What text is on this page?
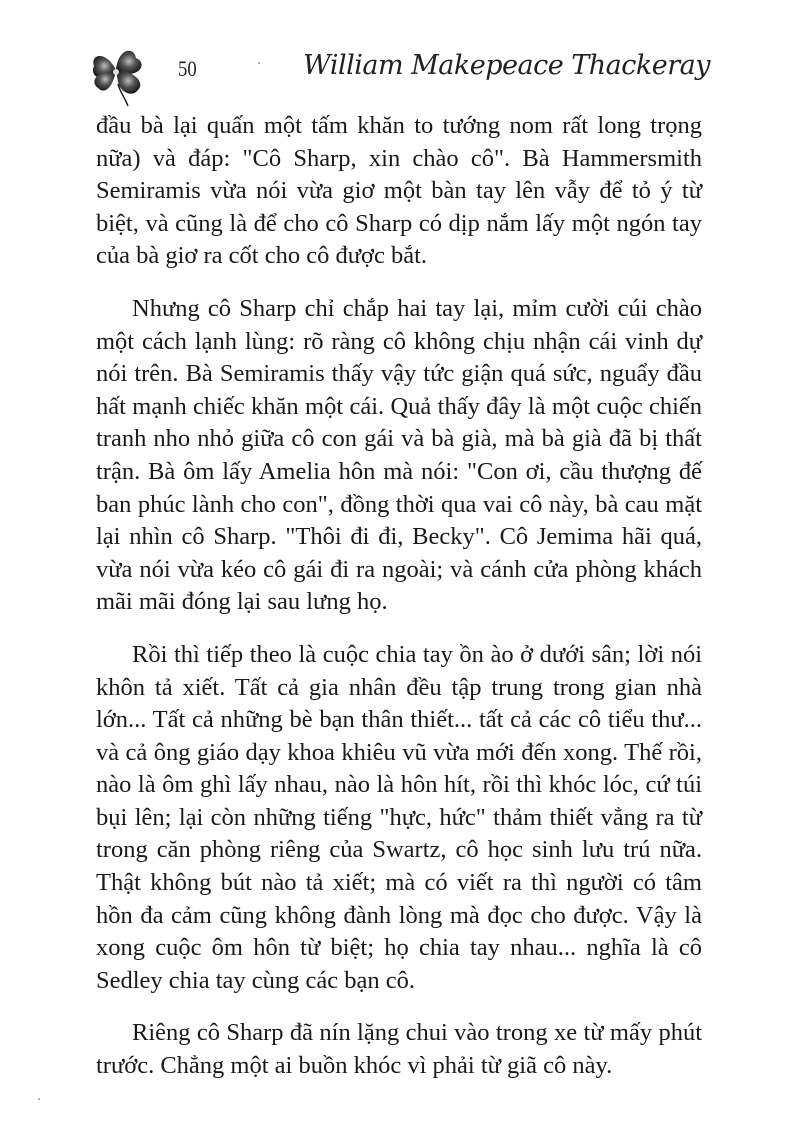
50	William Makepeace Thackeray

đầu bà lại quấn một tấm khăn to tướng nom rất long trọng nữa) và đáp: "Cô Sharp, xin chào cô". Bà Hammersmith Semiramis vừa nói vừa giơ một bàn tay lên vẫy để tỏ ý từ biệt, và cũng là để cho cô Sharp có dịp nắm lấy một ngón tay của bà giơ ra cốt cho cô được bắt.

Nhưng cô Sharp chỉ chắp hai tay lại, mỉm cười cúi chào một cách lạnh lùng: rõ ràng cô không chịu nhận cái vinh dự nói trên. Bà Semiramis thấy vậy tức giận quá sức, nguẩy đầu hất mạnh chiếc khăn một cái. Quả thấy đây là một cuộc chiến tranh nho nhỏ giữa cô con gái và bà già, mà bà già đã bị thất trận. Bà ôm lấy Amelia hôn mà nói: "Con ơi, cầu thượng đế ban phúc lành cho con", đồng thời qua vai cô này, bà cau mặt lại nhìn cô Sharp. "Thôi đi đi, Becky". Cô Jemima hãi quá, vừa nói vừa kéo cô gái đi ra ngoài; và cánh cửa phòng khách mãi mãi đóng lại sau lưng họ.

Rồi thì tiếp theo là cuộc chia tay ồn ào ở dưới sân; lời nói khôn tả xiết. Tất cả gia nhân đều tập trung trong gian nhà lớn... Tất cả những bè bạn thân thiết... tất cả các cô tiểu thư... và cả ông giáo dạy khoa khiêu vũ vừa mới đến xong. Thế rồi, nào là ôm ghì lấy nhau, nào là hôn hít, rồi thì khóc lóc, cứ túi bụi lên; lại còn những tiếng "hực, hức" thảm thiết vẳng ra từ trong căn phòng riêng của Swartz, cô học sinh lưu trú nữa. Thật không bút nào tả xiết; mà có viết ra thì người có tâm hồn đa cảm cũng không đành lòng mà đọc cho được. Vậy là xong cuộc ôm hôn từ biệt; họ chia tay nhau... nghĩa là cô Sedley chia tay cùng các bạn cô.

Riêng cô Sharp đã nín lặng chui vào trong xe từ mấy phút trước. Chẳng một ai buồn khóc vì phải từ giã cô này.
